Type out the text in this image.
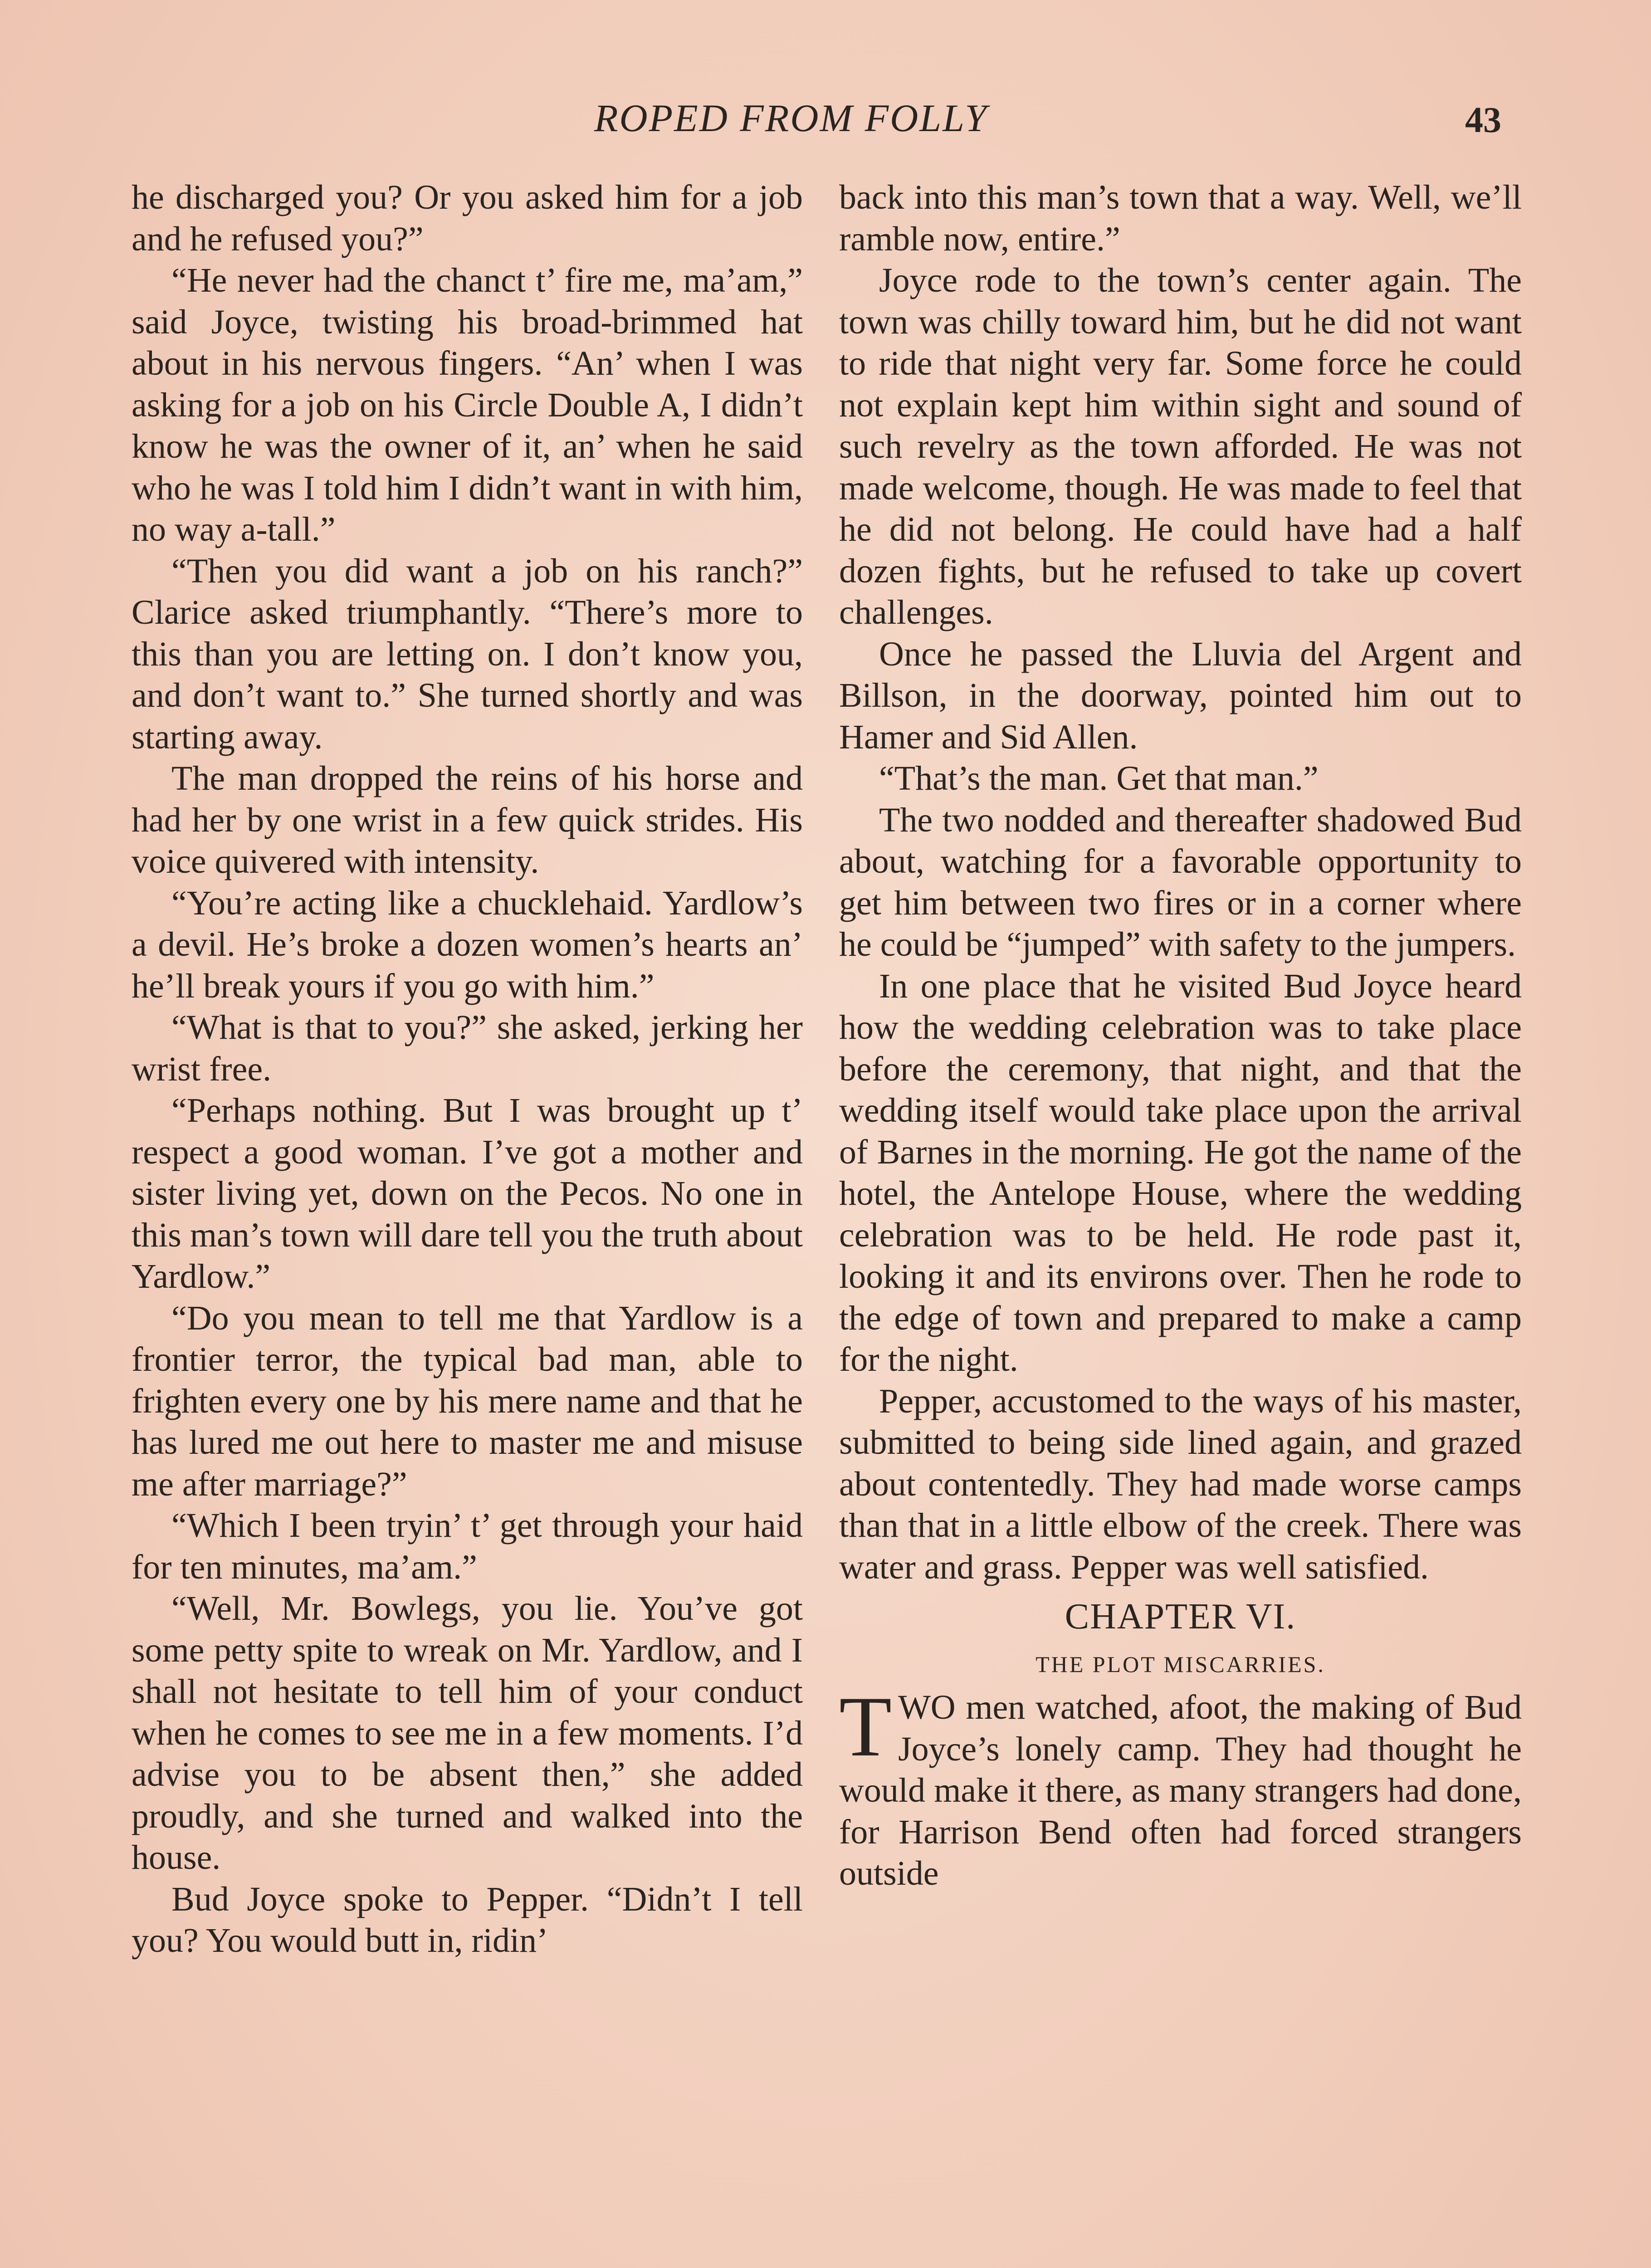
ROPED FROM FOLLY	43

he discharged you? Or you asked him for a job and he refused you?”

“He never had the chanct t’ fire me, ma’am,” said Joyce, twisting his broad-brimmed hat about in his nervous fingers. “An’ when I was asking for a job on his Circle Double A, I didn’t know he was the owner of it, an’ when he said who he was I told him I didn’t want in with him, no way a-tall.”

“Then you did want a job on his ranch?” Clarice asked triumphantly. “There’s more to this than you are letting on. I don’t know you, and don’t want to.” She turned shortly and was starting away.

The man dropped the reins of his horse and had her by one wrist in a few quick strides. His voice quivered with intensity.

“You’re acting like a chucklehaid. Yardlow’s a devil. He’s broke a dozen women’s hearts an’ he’ll break yours if you go with him.”

“What is that to you?” she asked, jerking her wrist free.

“Perhaps nothing. But I was brought up t’ respect a good woman. I’ve got a mother and sister living yet, down on the Pecos. No one in this man’s town will dare tell you the truth about Yardlow.”

“Do you mean to tell me that Yardlow is a frontier terror, the typical bad man, able to frighten every one by his mere name and that he has lured me out here to master me and misuse me after marriage?”

“Which I been tryin’ t’ get through your haid for ten minutes, ma’am.”

“Well, Mr. Bowlegs, you lie. You’ve got some petty spite to wreak on Mr. Yardlow, and I shall not hesitate to tell him of your conduct when he comes to see me in a few moments. I’d advise you to be absent then,” she added proudly, and she turned and walked into the house.

Bud Joyce spoke to Pepper. “Didn’t I tell you? You would butt in, ridin’

back into this man’s town that a way. Well, we’ll ramble now, entire.”

Joyce rode to the town’s center again. The town was chilly toward him, but he did not want to ride that night very far. Some force he could not explain kept him within sight and sound of such revelry as the town afforded. He was not made welcome, though. He was made to feel that he did not belong. He could have had a half dozen fights, but he refused to take up covert challenges.

Once he passed the Lluvia del Argent and Billson, in the doorway, pointed him out to Hamer and Sid Allen.

“That’s the man. Get that man.”

The two nodded and thereafter shadowed Bud about, watching for a favorable opportunity to get him between two fires or in a corner where he could be “jumped” with safety to the jumpers.

In one place that he visited Bud Joyce heard how the wedding celebration was to take place before the ceremony, that night, and that the wedding itself would take place upon the arrival of Barnes in the morning. He got the name of the hotel, the Antelope House, where the wedding celebration was to be held. He rode past it, looking it and its environs over. Then he rode to the edge of town and prepared to make a camp for the night.

Pepper, accustomed to the ways of his master, submitted to being side lined again, and grazed about contentedly. They had made worse camps than that in a little elbow of the creek. There was water and grass. Pepper was well satisfied.

CHAPTER VI.
THE PLOT MISCARRIES.

TWO men watched, afoot, the making of Bud Joyce’s lonely camp. They had thought he would make it there, as many strangers had done, for Harrison Bend often had forced strangers outside
